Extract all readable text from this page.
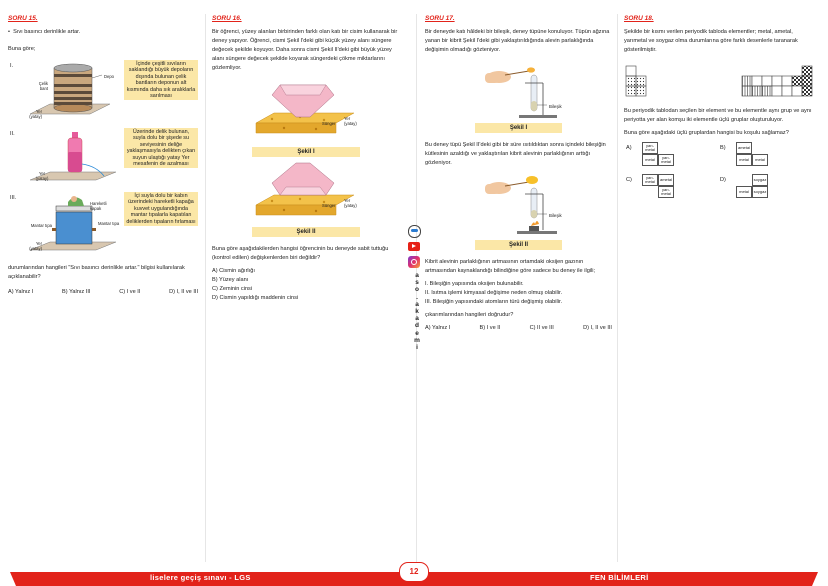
SORU 15.
•  Sıvı basıncı derinlikle artar.
Buna göre;
I.
Depo
Çelik bant
Yer (yatay)
İçinde çeşitli sıvıların saklandığı büyük depoların dışında bulunan çelik bantların deponun alt kısmında daha sık aralıklarla sarılması
II.
Yer (yatay)
Üzerinde delik bulunan, suyla dolu bir şişede su seviyesinin deliğe yaklaşmasıyla delikten çıkan suyun ulaştığı yatay Yer mesafenin de azalması
III.
Hareketli kapak
Mantar tıpa	Mantar tıpa
Yer (yatay)
İçi suyla dolu bir kabın üzerindeki hareketli kapağa kuvvet uygulandığında mantar tıpalarla kapatılan deliklerden tıpaların fırlaması
durumlarından hangileri "Sıvı basıncı derinlikle artar." bilgisi kullanılarak açıklanabilir?
A) Yalnız I	B) Yalnız III	C) I ve II	D) I, II ve III
SORU 16.
Bir öğrenci, yüzey alanları birbirinden farklı olan katı bir cisim kullanarak bir deney yapıyor. Öğrenci, cismi Şekil I'deki gibi küçük yüzey alanı süngere değecek şekilde koyuyor. Daha sonra cismi Şekil II'deki gibi büyük yüzey alanı süngere değecek şekilde koyarak süngerdeki çökme miktarlarını gözlemliyor.
Sünger
Yer (yatay)
Şekil I
Sünger
Yer (yatay)
Şekil II
Buna göre aşağıdakilerden hangisi öğrencinin bu deneyde sabit tuttuğu (kontrol edilen) değişkenlerden biri değildir?
A) Cismin ağırlığı
B) Yüzey alanı
C) Zeminin cinsi
D) Cismin yapıldığı maddenin cinsi
a
s
o
.
a
k
a
d
e
m
i
SORU 17.
Bir deneyde katı hâldeki bir bileşik, deney tüpüne konuluyor. Tüpün ağzına yanan bir kibrit Şekil I'deki gibi yaklaştırıldığında alevin parlaklığında değişimin olmadığı gözteniyor.
Bileşik
Şekil I
Bu deney tüpü Şekil II'deki gibi bir süre ısıtıldıktan sonra içindeki bileşiğin kütlesinin azaldığı ve yaklaştırılan kibrit alevinin parlaklığının arttığı gözleniyor.
Bileşik
Şekil II
Kibrit alevinin parlaklığının artmasının ortamdaki oksijen gazının artmasından kaynaklandığı bilindiğine göre sadece bu deney ile ilgili;
I. Bileşiğin yapısında oksijen bulunabilir.
II. Isıtma işlemi kimyasal değişime neden olmuş olabilir.
III. Bileşiğin yapısındaki atomların türü değişmiş olabilir.
çıkarımlarından hangileri doğrudur?
A) Yalnız I	B) I ve II	C) II ve III	D) I, II ve III
SORU 18.
Şekilde bir kısmı verilen periyodik tabloda elementler; metal, ametal, yarımetal ve soygaz olma durumlarına göre farklı desenlerle taranarak gösterilmiştir.
Bu periyodik tablodan seçilen bir element ve bu elementle aynı grup ve aynı periyotta yer alan komşu iki elementle üçlü gruplar oluşturuluyor.
Buna göre aşağıdaki üçlü gruplardan hangisi bu koşulu sağlamaz?
A)	yarı-metal
metal	yarı-metal
B)	ametal
metal	metal
C)	yarı-metal	ametal
yarı-metal
D)	soygaz
metal	soygaz
liselere geçiş sınavı - LGS
12
FEN BİLİMLERİ
